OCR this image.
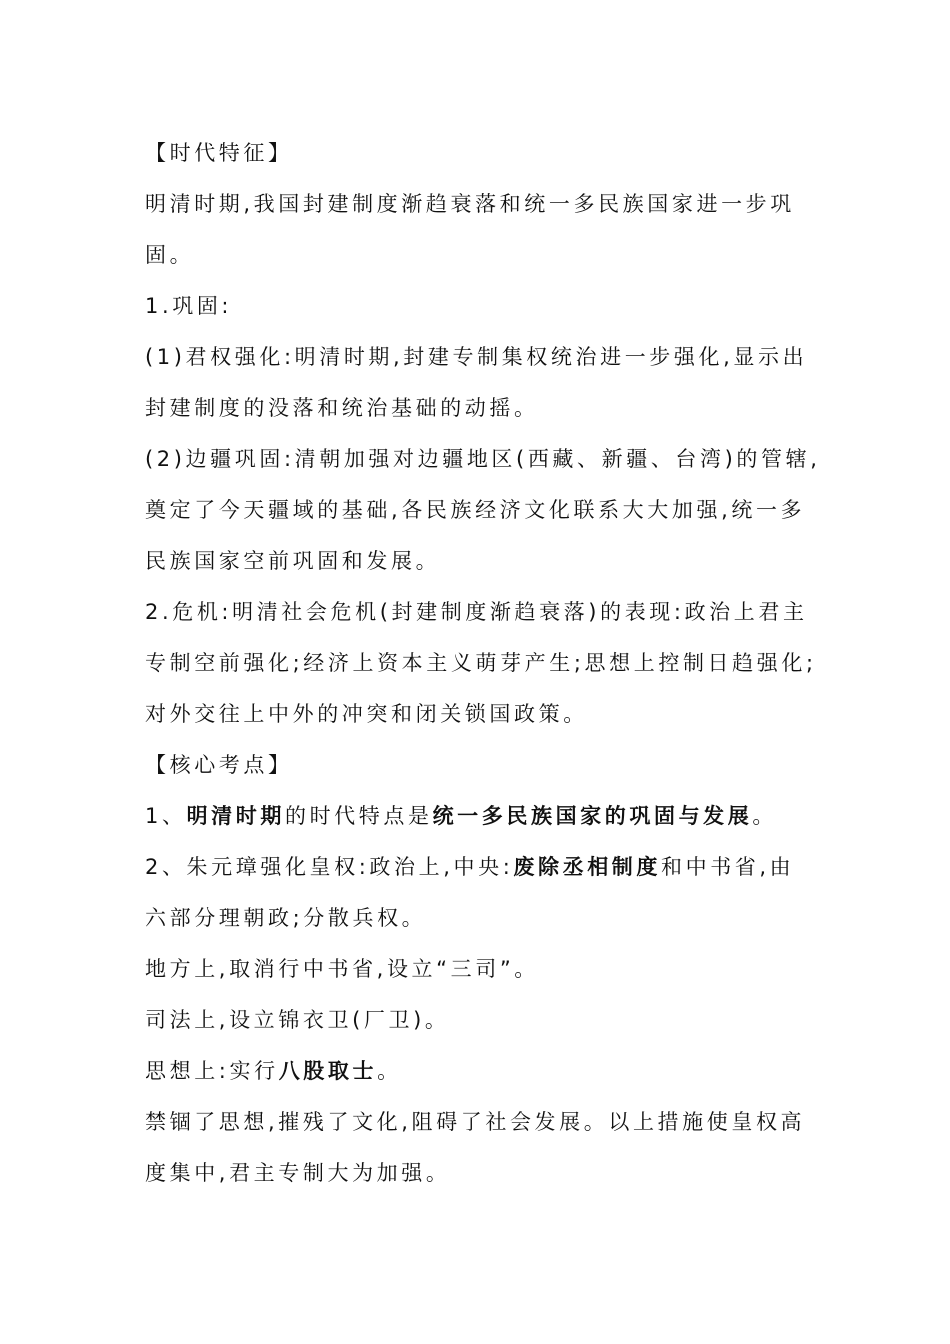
【时代特征】
明清时期,我国封建制度渐趋衰落和统一多民族国家进一步巩
固。
1.巩固:
(1)君权强化:明清时期,封建专制集权统治进一步强化,显示出
封建制度的没落和统治基础的动摇。
(2)边疆巩固:清朝加强对边疆地区(西藏、新疆、台湾)的管辖,
奠定了今天疆域的基础,各民族经济文化联系大大加强,统一多
民族国家空前巩固和发展。
2.危机:明清社会危机(封建制度渐趋衰落)的表现:政治上君主
专制空前强化;经济上资本主义萌芽产生;思想上控制日趋强化;
对外交往上中外的冲突和闭关锁国政策。
【核心考点】
1、明清时期的时代特点是统一多民族国家的巩固与发展。
2、朱元璋强化皇权:政治上,中央:废除丞相制度和中书省,由
六部分理朝政;分散兵权。
地方上,取消行中书省,设立“三司”。
司法上,设立锦衣卫(厂卫)。
思想上:实行八股取士。
禁锢了思想,摧残了文化,阻碍了社会发展。以上措施使皇权高
度集中,君主专制大为加强。
